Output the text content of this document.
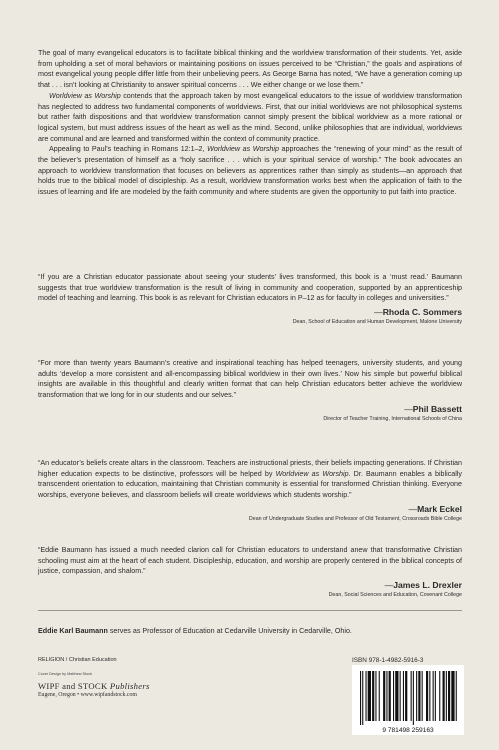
The goal of many evangelical educators is to facilitate biblical thinking and the worldview transformation of their students. Yet, aside from upholding a set of moral behaviors or maintaining positions on issues perceived to be “Christian,” the goals and aspirations of most evangelical young people differ little from their unbelieving peers. As George Barna has noted, “We have a generation coming up that . . . isn’t looking at Christianity to answer spiritual concerns . . . We either change or we lose them.”

Worldview as Worship contends that the approach taken by most evangelical educators to the issue of worldview transformation has neglected to address two fundamental components of worldviews. First, that our initial worldviews are not philosophical systems but rather faith dispositions and that worldview transformation cannot simply present the biblical worldview as a more rational or logical system, but must address issues of the heart as well as the mind. Second, unlike philosophies that are individual, worldviews are communal and are learned and transformed within the context of community practice.

Appealing to Paul’s teaching in Romans 12:1–2, Worldview as Worship approaches the “renewing of your mind” as the result of the believer’s presentation of himself as a “holy sacrifice . . . which is your spiritual service of worship.” The book advocates an approach to worldview transformation that focuses on believers as apprentices rather than simply as students—an approach that holds true to the biblical model of discipleship. As a result, worldview transformation works best when the application of faith to the issues of learning and life are modeled by the faith community and where students are given the opportunity to put faith into practice.

“If you are a Christian educator passionate about seeing your students’ lives transformed, this book is a ‘must read.’ Baumann suggests that true worldview transformation is the result of living in community and cooperation, supported by an apprenticeship model of teaching and learning. This book is as relevant for Christian educators in P–12 as for faculty in colleges and universities.”

—Rhoda C. Sommers
Dean, School of Education and Human Development, Malone University

“For more than twenty years Baumann’s creative and inspirational teaching has helped teenagers, university students, and young adults ‘develop a more consistent and all-encompassing biblical worldview in their own lives.’ Now his simple but powerful biblical insights are available in this thoughtful and clearly written format that can help Christian educators better achieve the worldview transformation that we long for in our students and our selves.”

—Phil Bassett
Director of Teacher Training, International Schools of China

“An educator’s beliefs create altars in the classroom. Teachers are instructional priests, their beliefs impacting generations. If Christian higher education expects to be distinctive, professors will be helped by Worldview as Worship. Dr. Baumann enables a biblically transcendent orientation to education, maintaining that Christian community is essential for transformed Christian thinking. Everyone worships, everyone believes, and classroom beliefs will create worldviews which students worship.”

—Mark Eckel
Dean of Undergraduate Studies and Professor of Old Testament, Crossroads Bible College

“Eddie Baumann has issued a much needed clarion call for Christian educators to understand anew that transformative Christian schooling must aim at the heart of each student. Discipleship, education, and worship are properly centered in the biblical concepts of justice, compassion, and shalom.”

—James L. Drexler
Dean, Social Sciences and Education, Covenant College
Eddie Karl Baumann serves as Professor of Education at Cedarville University in Cedarville, Ohio.
RELIGION / Christian Education
Cover Design by Matthew Stock
WIPF and STOCK Publishers
Eugene, Oregon • www.wipfandstock.com
ISBN 978-1-4982-5916-3
9 781498 259163
